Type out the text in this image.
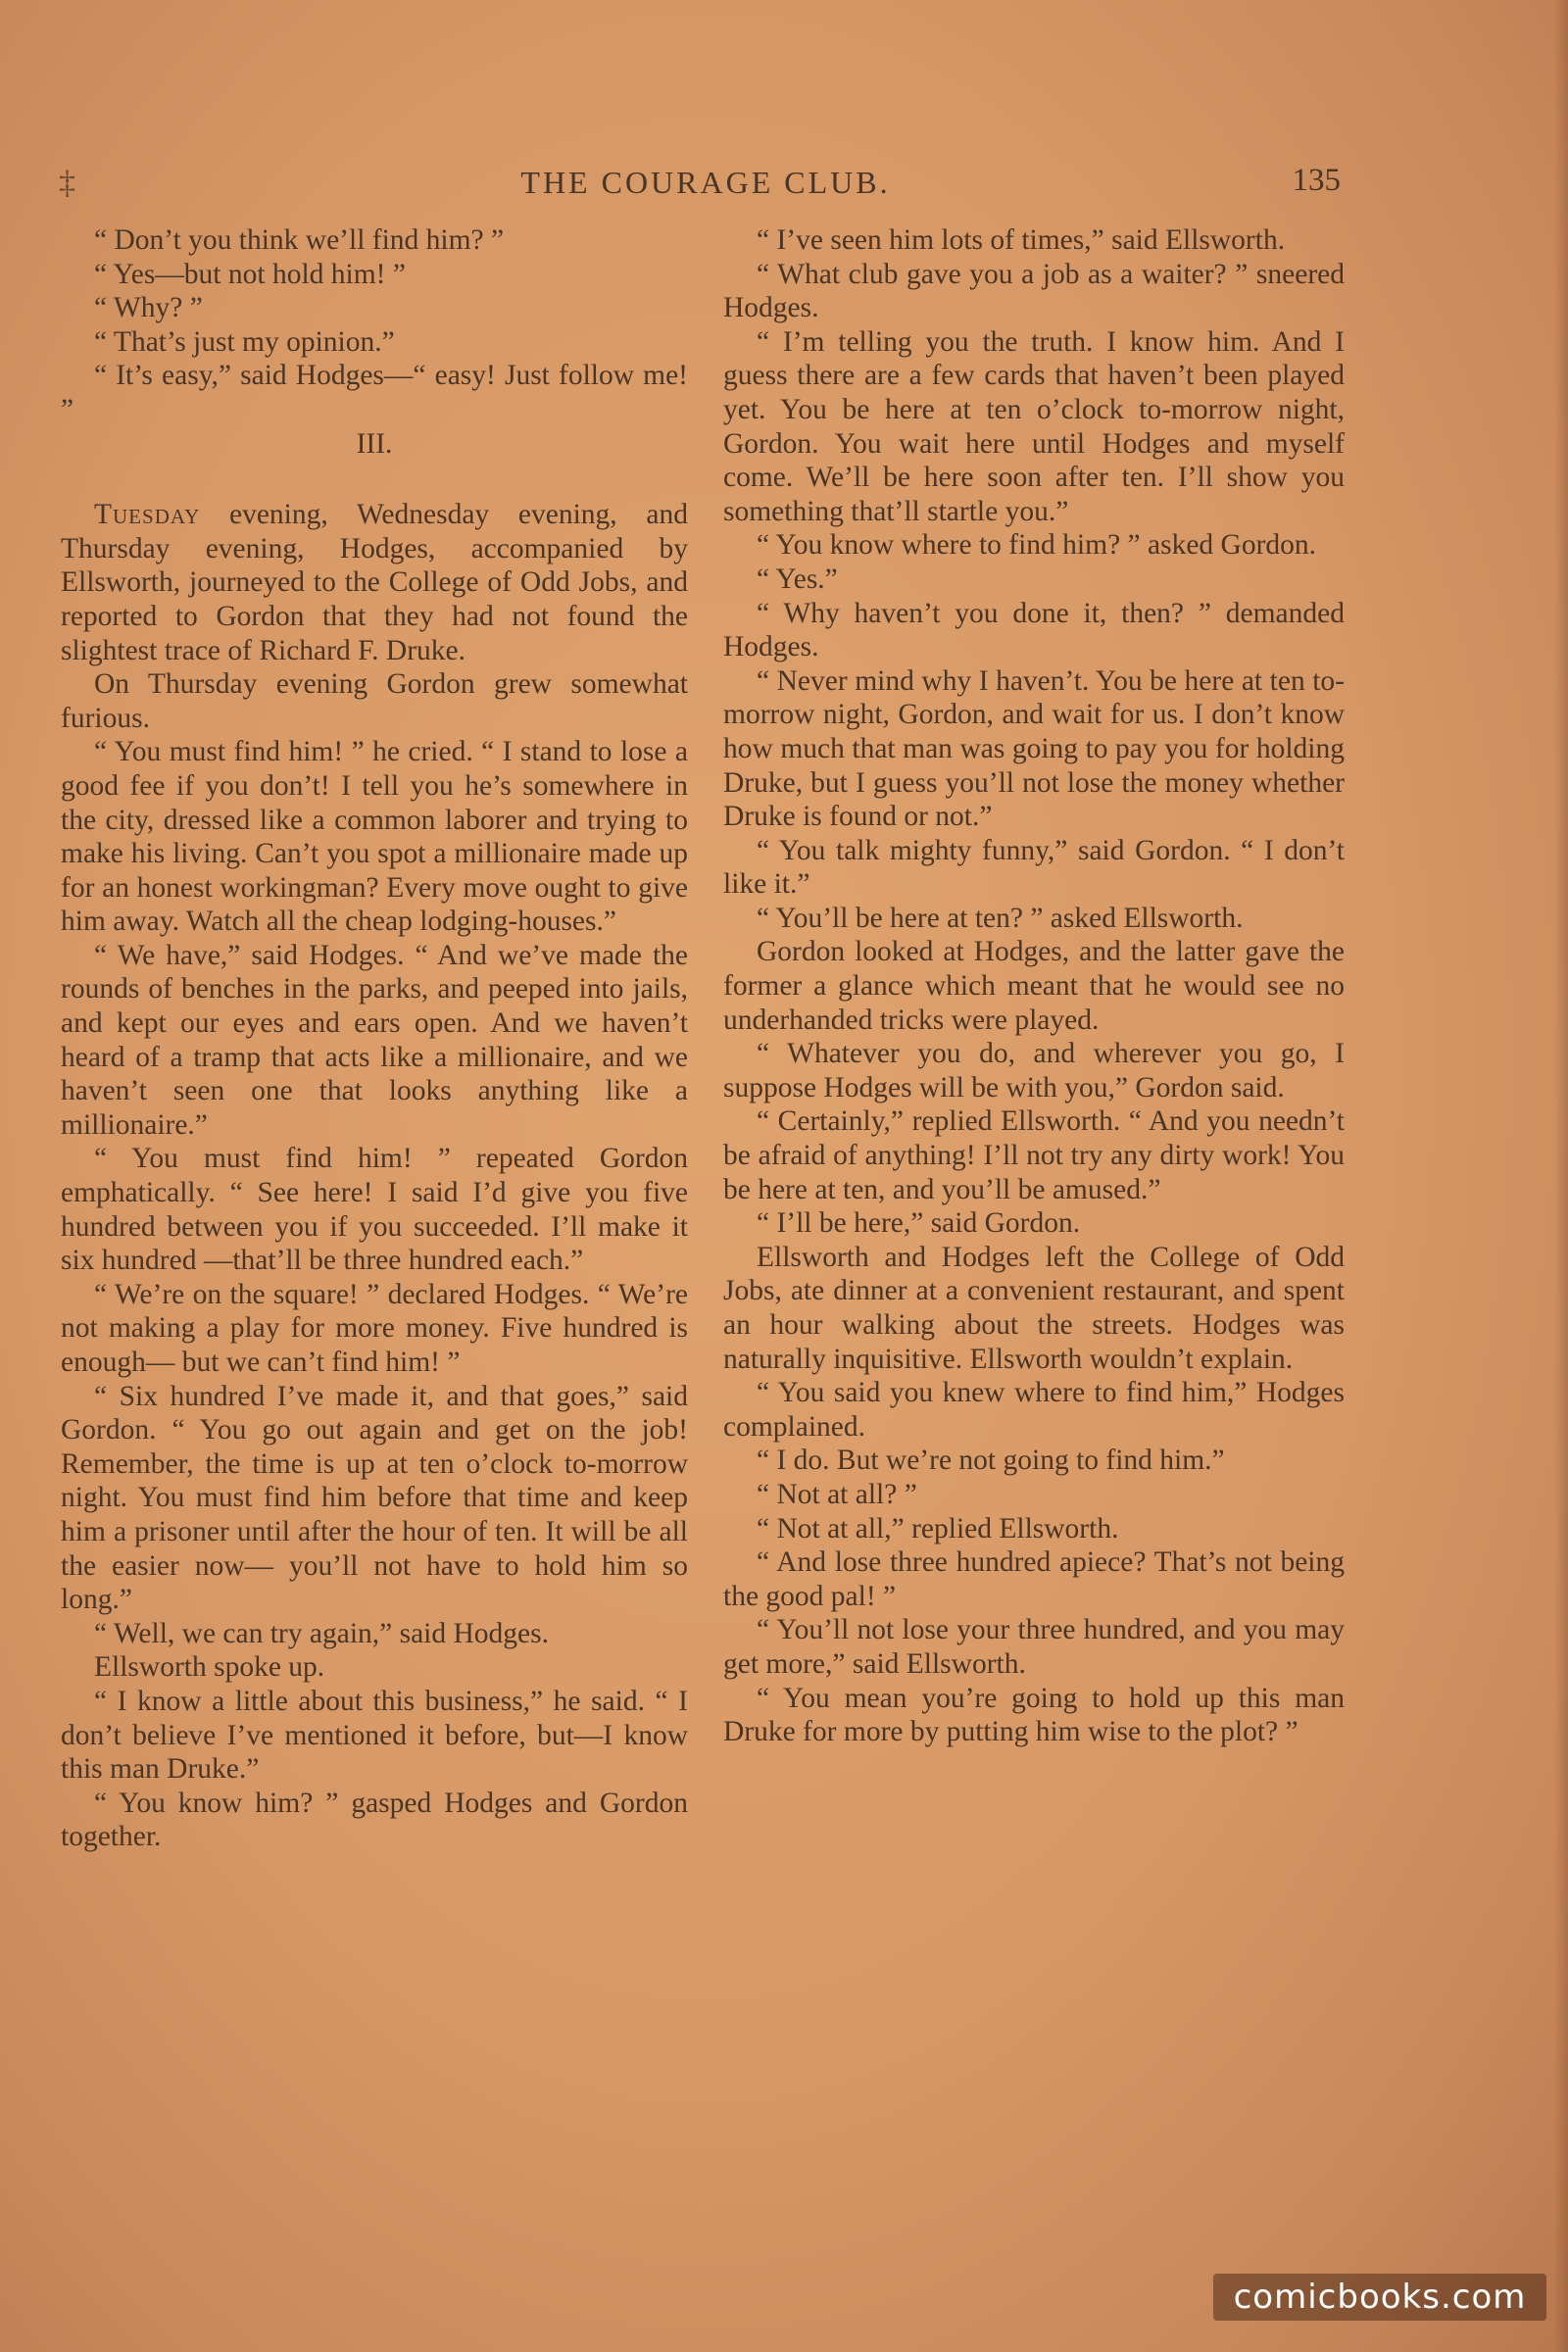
‡	THE COURAGE CLUB.	135

“ Don’t you think we’ll find him? ”

“ Yes—but not hold him! ”

“ Why? ”

“ That’s just my opinion.”

“ It’s easy,” said Hodges—“ easy! Just follow me! ”

III.

Tuesday evening, Wednesday evening, and Thursday evening, Hodges, accompanied by Ellsworth, journeyed to the College of Odd Jobs, and reported to Gordon that they had not found the slightest trace of Richard F. Druke.

On Thursday evening Gordon grew somewhat furious.

“ You must find him! ” he cried. “ I stand to lose a good fee if you don’t! I tell you he’s somewhere in the city, dressed like a common laborer and trying to make his living. Can’t you spot a millionaire made up for an honest workingman? Every move ought to give him away. Watch all the cheap lodging-houses.”

“ We have,” said Hodges. “ And we’ve made the rounds of benches in the parks, and peeped into jails, and kept our eyes and ears open. And we haven’t heard of a tramp that acts like a millionaire, and we haven’t seen one that looks anything like a millionaire.”

“ You must find him! ” repeated Gordon emphatically. “ See here! I said I’d give you five hundred between you if you succeeded. I’ll make it six hundred —that’ll be three hundred each.”

“ We’re on the square! ” declared Hodges. “ We’re not making a play for more money. Five hundred is enough— but we can’t find him! ”

“ Six hundred I’ve made it, and that goes,” said Gordon. “ You go out again and get on the job! Remember, the time is up at ten o’clock to-morrow night. You must find him before that time and keep him a prisoner until after the hour of ten. It will be all the easier now— you’ll not have to hold him so long.”

“ Well, we can try again,” said Hodges.

Ellsworth spoke up.

“ I know a little about this business,” he said. “ I don’t believe I’ve mentioned it before, but—I know this man Druke.”

“ You know him? ” gasped Hodges and Gordon together.

“ I’ve seen him lots of times,” said Ellsworth.

“ What club gave you a job as a waiter? ” sneered Hodges.

“ I’m telling you the truth. I know him. And I guess there are a few cards that haven’t been played yet. You be here at ten o’clock to-morrow night, Gordon. You wait here until Hodges and myself come. We’ll be here soon after ten. I’ll show you something that’ll startle you.”

“ You know where to find him? ” asked Gordon.

“ Yes.”

“ Why haven’t you done it, then? ” demanded Hodges.

“ Never mind why I haven’t. You be here at ten to-morrow night, Gordon, and wait for us. I don’t know how much that man was going to pay you for holding Druke, but I guess you’ll not lose the money whether Druke is found or not.”

“ You talk mighty funny,” said Gordon. “ I don’t like it.”

“ You’ll be here at ten? ” asked Ellsworth.

Gordon looked at Hodges, and the latter gave the former a glance which meant that he would see no underhanded tricks were played.

“ Whatever you do, and wherever you go, I suppose Hodges will be with you,” Gordon said.

“ Certainly,” replied Ellsworth. “ And you needn’t be afraid of anything! I’ll not try any dirty work! You be here at ten, and you’ll be amused.”

“ I’ll be here,” said Gordon.

Ellsworth and Hodges left the College of Odd Jobs, ate dinner at a convenient restaurant, and spent an hour walking about the streets. Hodges was naturally inquisitive. Ellsworth wouldn’t explain.

“ You said you knew where to find him,” Hodges complained.

“ I do. But we’re not going to find him.”

“ Not at all? ”

“ Not at all,” replied Ellsworth.

“ And lose three hundred apiece? That’s not being the good pal! ”

“ You’ll not lose your three hundred, and you may get more,” said Ellsworth.

“ You mean you’re going to hold up this man Druke for more by putting him wise to the plot? ”

comicbooks.com
